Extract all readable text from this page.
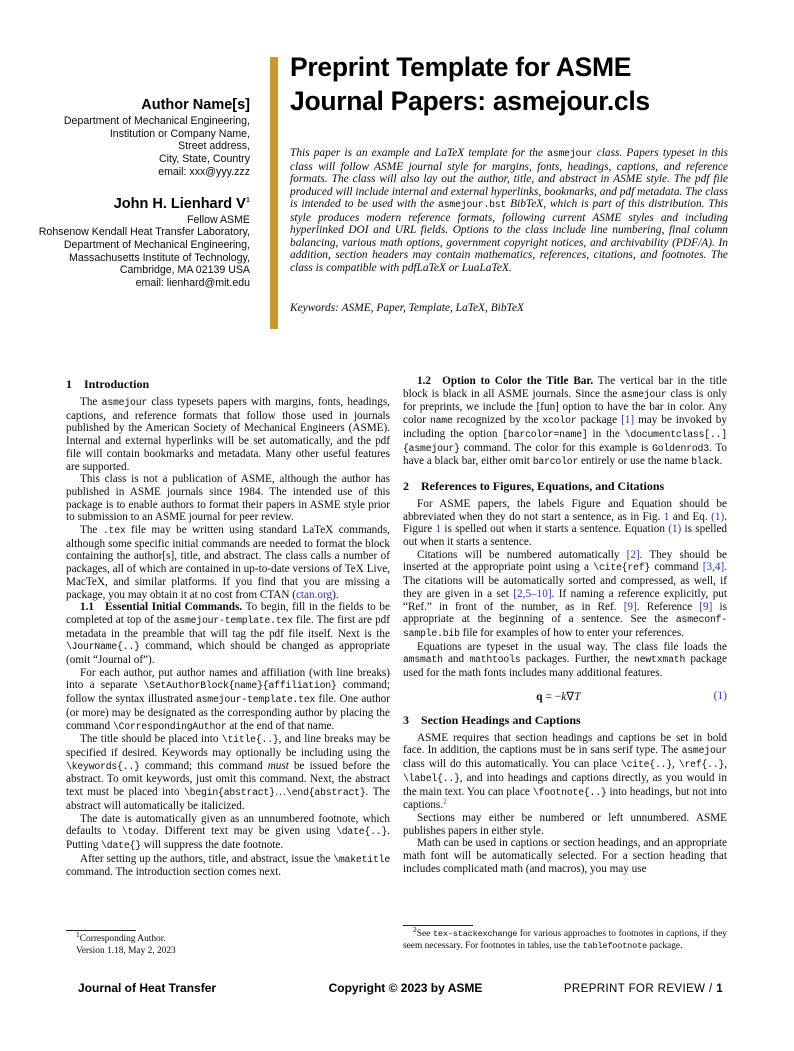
Author Name[s]
Department of Mechanical Engineering,
Institution or Company Name,
Street address,
City, State, Country
email: xxx@yyy.zzz
John H. Lienhard $V^1$
Fellow ASME
Rohsenow Kendall Heat Transfer Laboratory,
Department of Mechanical Engineering,
Massachusetts Institute of Technology,
Cambridge, MA 02139 USA
email: lienhard@mit.edu
Preprint Template for ASME
Journal Papers: asmejour.cls
This paper is an example and LaTeX template for the asmejour class. Papers typeset in this class will follow ASME journal style for margins, fonts, headings, captions, and reference formats. The class will also lay out the author, title, and abstract in ASME style. The pdf file produced will include internal and external hyperlinks, bookmarks, and pdf metadata. The class is intended to be used with the asmejour.bst BibTeX, which is part of this distribution. This style produces modern reference formats, following current ASME styles and including hyperlinked DOI and URL fields. Options to the class include line numbering, final column balancing, various math options, government copyright notices, and archivability (PDF/A). In addition, section headers may contain mathematics, references, citations, and footnotes. The class is compatible with pdfLaTeX or LuaLaTeX.
Keywords: ASME, Paper, Template, LaTeX, BibTeX
1 Introduction

The asmejour class typesets papers with margins, fonts, headings, captions, and reference formats that follow those used in journals published by the American Society of Mechanical Engineers (ASME). Internal and external hyperlinks will be set automatically, and the pdf file will contain bookmarks and metadata. Many other useful features are supported.

This class is not a publication of ASME, although the author has published in ASME journals since 1984. The intended use of this package is to enable authors to format their papers in ASME style prior to submission to an ASME journal for peer review.

The .tex file may be written using standard LaTeX commands, although some specific initial commands are needed to format the block containing the author[s], title, and abstract. The class calls a number of packages, all of which are contained in up-to-date versions of TeX Live, MacTeX, and similar platforms. If you find that you are missing a package, you may obtain it at no cost from CTAN (ctan.org).

1.1 Essential Initial Commands. To begin, fill in the fields to be completed at top of the asmejour-template.tex file. The first are pdf metadata in the preamble that will tag the pdf file itself. Next is the \JourName{..} command, which should be changed as appropriate (omit “Journal of”).

For each author, put author names and affiliation (with line breaks) into a separate \SetAuthorBlock{name}{affiliation} command; follow the syntax illustrated asmejour-template.tex file. One author (or more) may be designated as the corresponding author by placing the command \CorrespondingAuthor at the end of that name.

The title should be placed into \title{..}, and line breaks may be specified if desired. Keywords may optionally be including using the \keywords{..} command; this command must be issued before the abstract. To omit keywords, just omit this command. Next, the abstract text must be placed into \begin{abstract}…\end{abstract}. The abstract will automatically be italicized.

The date is automatically given as an unnumbered footnote, which defaults to \today. Different text may be given using \date{..}. Putting \date{} will suppress the date footnote.

After setting up the authors, title, and abstract, issue the \maketitle command. The introduction section comes next.

1.2 Option to Color the Title Bar. The vertical bar in the title block is black in all ASME journals. Since the asmejour class is only for preprints, we include the [fun] option to have the bar in color. Any color name recognized by the xcolor package [1] may be invoked by including the option [barcolor=name] in the \documentclass[..]{asmejour} command. The color for this example is Goldenrod3. To have a black bar, either omit barcolor entirely or use the name black.

2 References to Figures, Equations, and Citations

For ASME papers, the labels Figure and Equation should be abbreviated when they do not start a sentence, as in Fig. 1 and Eq. (1). Figure 1 is spelled out when it starts a sentence. Equation (1) is spelled out when it starts a sentence.

Citations will be numbered automatically [2]. They should be inserted at the appropriate point using a \cite{ref} command [3,4]. The citations will be automatically sorted and compressed, as well, if they are given in a set [2,5–10]. If naming a reference explicitly, put “Ref.” in front of the number, as in Ref. [9]. Reference [9] is appropriate at the beginning of a sentence. See the asmeconf-sample.bib file for examples of how to enter your references.

Equations are typeset in the usual way. The class file loads the amsmath and mathtools packages. Further, the newtxmath package used for the math fonts includes many additional features.

q = −k∇T	(1)
3 Section Headings and Captions

ASME requires that section headings and captions be set in bold face. In addition, the captions must be in sans serif type. The asmejour class will do this automatically. You can place \cite{..}, \ref{..}, \label{..}, and into headings and captions directly, as you would in the main text. You can place \footnote{..} into headings, but not into captions.$^2$

Sections may either be numbered or left unnumbered. ASME publishes papers in either style.

Math can be used in captions or section headings, and an appropriate math font will be automatically selected. For a section heading that includes complicated math (and macros), you may use

$^1$Corresponding Author.
Version 1.18, May 2, 2023
$^2$See tex-stackexchange for various approaches to footnotes in captions, if they seem necessary. For footnotes in tables, use the tablefootnote package.
Journal of Heat Transfer	Copyright © 2023 by ASME	PREPRINT FOR REVIEW / 1
